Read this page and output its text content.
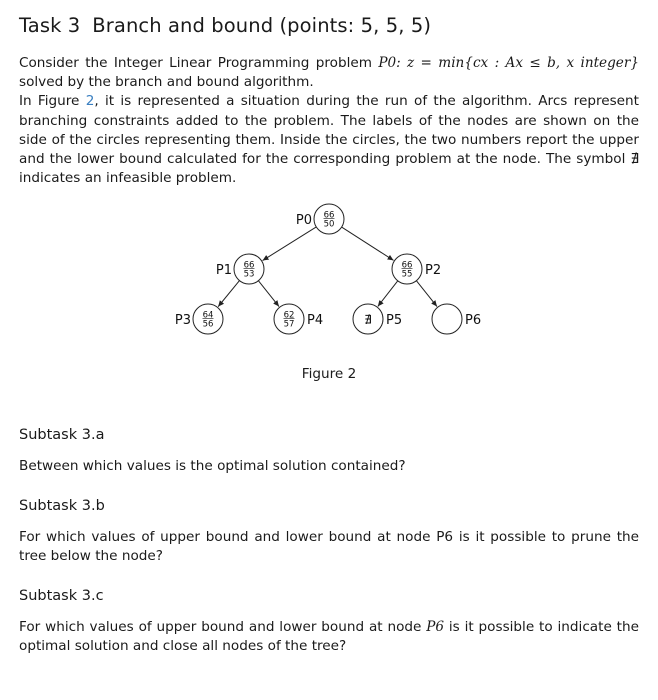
Task 3 Branch and bound (points: 5, 5, 5)

Consider the Integer Linear Programming problem P0: z = min{cx : Ax ≤ b, x integer} solved by the branch and bound algorithm.

In Figure 2, it is represented a situation during the run of the algorithm. Arcs represent branching constraints added to the problem. The labels of the nodes are shown on the side of the circles representing them. Inside the circles, the two numbers report the upper and the lower bound calculated for the corresponding problem at the node. The symbol ∄ indicates an infeasible problem.

66
50
P0
66
53
P1	66
55 P2
64
56
P3	62
57 P4	∄ P5	P6
Figure 2
Subtask 3.a

Between which values is the optimal solution contained?

Subtask 3.b

For which values of upper bound and lower bound at node P6 is it possible to prune the tree below the node?

Subtask 3.c

For which values of upper bound and lower bound at node P6 is it possible to indicate the optimal solution and close all nodes of the tree?
